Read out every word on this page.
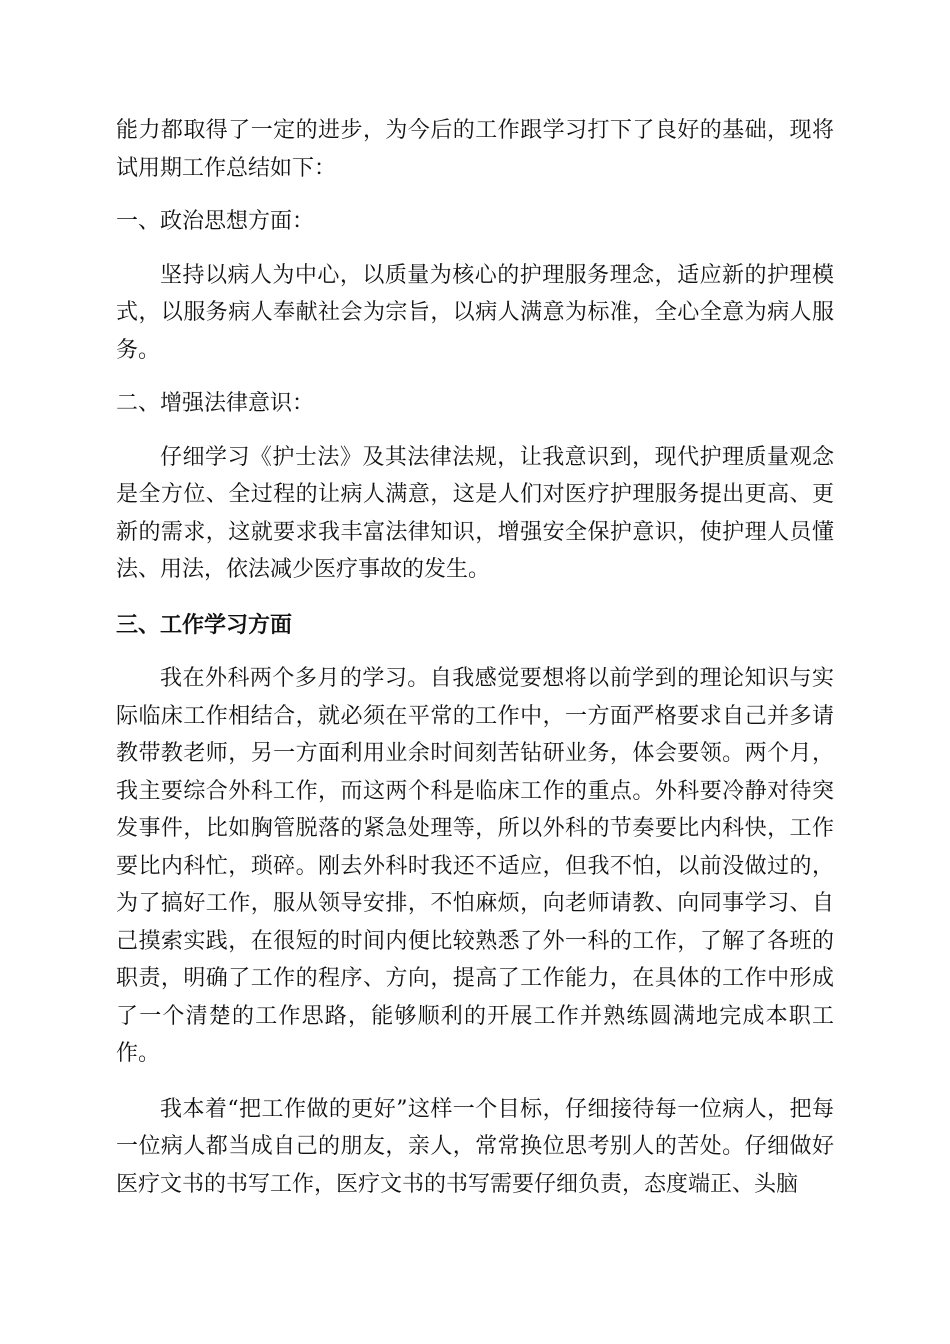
能力都取得了一定的进步，为今后的工作跟学习打下了良好的基础，现将试用期工作总结如下：

一、政治思想方面：

坚持以病人为中心，以质量为核心的护理服务理念，适应新的护理模式，以服务病人奉献社会为宗旨，以病人满意为标准，全心全意为病人服务。

二、增强法律意识：

仔细学习《护士法》及其法律法规，让我意识到，现代护理质量观念是全方位、全过程的让病人满意，这是人们对医疗护理服务提出更高、更新的需求，这就要求我丰富法律知识，增强安全保护意识，使护理人员懂法、用法，依法减少医疗事故的发生。

三、工作学习方面

我在外科两个多月的学习。自我感觉要想将以前学到的理论知识与实际临床工作相结合，就必须在平常的工作中，一方面严格要求自己并多请教带教老师，另一方面利用业余时间刻苦钻研业务，体会要领。两个月，我主要综合外科工作，而这两个科是临床工作的重点。外科要冷静对待突发事件，比如胸管脱落的紧急处理等，所以外科的节奏要比内科快，工作要比内科忙，琐碎。刚去外科时我还不适应，但我不怕，以前没做过的，为了搞好工作，服从领导安排，不怕麻烦，向老师请教、向同事学习、自己摸索实践，在很短的时间内便比较熟悉了外一科的工作，了解了各班的职责，明确了工作的程序、方向，提高了工作能力，在具体的工作中形成了一个清楚的工作思路，能够顺利的开展工作并熟练圆满地完成本职工作。

我本着“把工作做的更好”这样一个目标，仔细接待每一位病人，把每一位病人都当成自己的朋友，亲人，常常换位思考别人的苦处。仔细做好医疗文书的书写工作，医疗文书的书写需要仔细负责，态度端正、头脑
